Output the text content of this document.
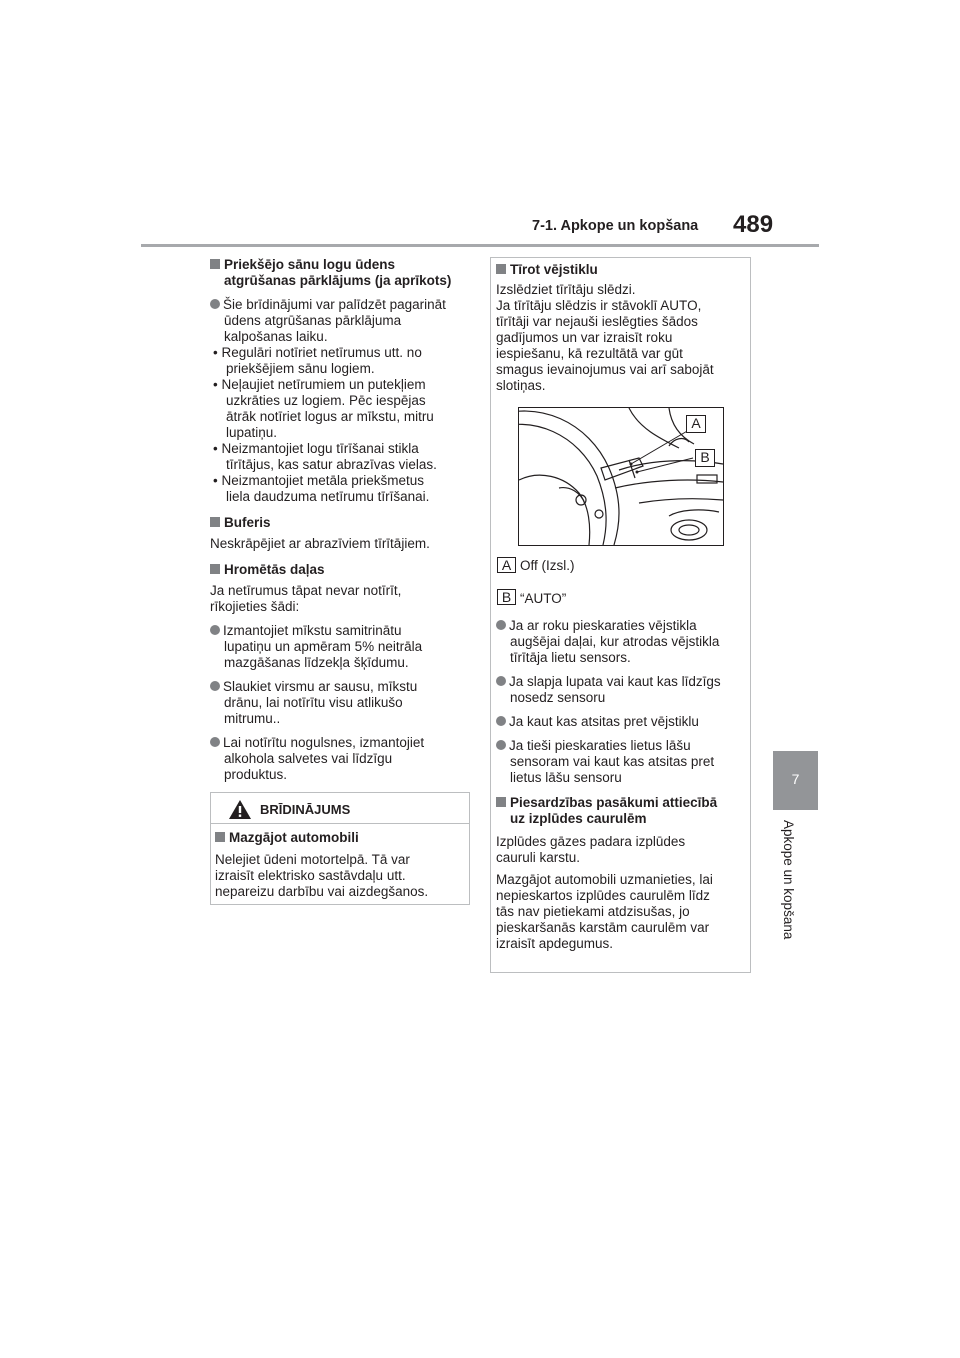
7-1. Apkope un kopšana 489
7
Apkope un kopšana

Priekšējo sānu logu ūdens
atgrūšanas pārklājums (ja aprīkots)

Šie brīdinājumi var palīdzēt pagarināt
ūdens atgrūšanas pārklājuma
kalpošanas laiku.

• Regulāri notīriet netīrumus utt. no
priekšējiem sānu logiem.

• Neļaujiet netīrumiem un putekļiem
uzkrāties uz logiem. Pēc iespējas
ātrāk notīriet logus ar mīkstu, mitru
lupatiņu.

• Neizmantojiet logu tīrīšanai stikla
tīrītājus, kas satur abrazīvas vielas.

• Neizmantojiet metāla priekšmetus
liela daudzuma netīrumu tīrīšanai.

Buferis

Neskrāpējiet ar abrazīviem tīrītājiem.

Hromētās daļas

Ja netīrumus tāpat nevar notīrīt,
rīkojieties šādi:

Izmantojiet mīkstu samitrinātu
lupatiņu un apmēram 5% neitrāla
mazgāšanas līdzekļa šķīdumu.

Slaukiet virsmu ar sausu, mīkstu
drānu, lai notīrītu visu atlikušo
mitrumu..

Lai notīrītu nogulsnes, izmantojiet
alkohola salvetes vai līdzīgu
produktus.

BRĪDINĀJUMS

Mazgājot automobili

Nelejiet ūdeni motortelpā. Tā var
izraisīt elektrisko sastāvdaļu utt.
nepareizu darbību vai aizdegšanos.

Tīrot vējstiklu

Izslēdziet tīrītāju slēdzi.
Ja tīrītāju slēdzis ir stāvoklī AUTO,
tīrītāji var nejauši ieslēgties šādos
gadījumos un var izraisīt roku
iespiešanu, kā rezultātā var gūt
smagus ievainojumus vai arī sabojāt
slotiņas.

A
B
A Off (Izsl.)
B “AUTO”

Ja ar roku pieskaraties vējstikla
augšējai daļai, kur atrodas vējstikla
tīrītāja lietu sensors.

Ja slapja lupata vai kaut kas līdzīgs
nosedz sensoru

Ja kaut kas atsitas pret vējstiklu

Ja tieši pieskaraties lietus lāšu
sensoram vai kaut kas atsitas pret
lietus lāšu sensoru

Piesardzības pasākumi attiecībā
uz izplūdes caurulēm

Izplūdes gāzes padara izplūdes
cauruli karstu.

Mazgājot automobili uzmanieties, lai
nepieskartos izplūdes caurulēm līdz
tās nav pietiekami atdzisušas, jo
pieskaršanās karstām caurulēm var
izraisīt apdegumus.
